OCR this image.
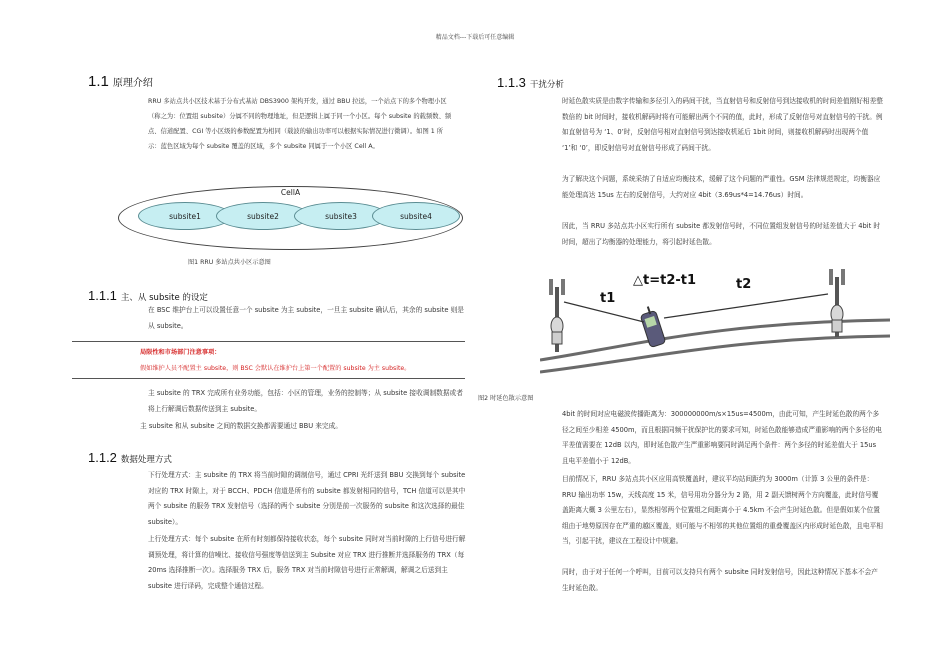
精品文档---下载后可任意编辑
1.1 原理介绍
RRU 多站点共小区技术基于分布式基站 DBS3900 架构开发，通过 BBU 拉远，一个站点下的多个物理小区（称之为：位置组 subsite）分属不同的物理地址，但是逻辑上属于同一个小区。每个 subsite 的载频数、频点、信道配置、CGI 等小区级的参数配置为相同（载波的输出功率可以根据实际情况进行微调）。如图 1 所示：蓝色区域为每个 subsite 覆盖的区域，多个 subsite 同属于一个小区 Cell A。
CellA
subsite1	subsite2	subsite3	subsite4
图1 RRU 多站点共小区示意图
1.1.1 主、从 subsite 的设定
在 BSC 维护台上可以设置任意一个 subsite 为主 subsite，一旦主 subsite 确认后，其余的 subsite 则是从 subsite。
局限性和市场部门注意事项：
假如维护人员不配置主 subsite，则 BSC 会默认在维护台上第一个配置的 subsite 为主 subsite。
主 subsite 的 TRX 完成所有业务功能，包括：小区的管理，业务的控制等；从 subsite 接收调制数据或者将上行解调后数据传送到主 subsite。
主 subsite 和从 subsite 之间的数据交换都需要通过 BBU 来完成。
1.1.2 数据处理方式
下行处理方式：主 subsite 的 TRX 将当前时隙的调制信号，通过 CPRI 光纤送到 BBU 交换到每个 subsite 对应的 TRX 时隙上，对于 BCCH、PDCH 信道是所有的 subsite 都发射相同的信号，TCH 信道可以是其中两个 subsite 的服务 TRX 发射信号（选择的两个 subsite 分别是前一次服务的 subsite 和这次选择的最佳 subsite）。
上行处理方式：每个 subsite 在所有时刻都保持接收状态，每个 subsite 同时对当前时隙的上行信号进行解调预处理，将计算的信噪比、接收信号强度等信送到主 Subsite 对应 TRX 进行推断并选择服务的 TRX（每 20ms 选择推断一次）。选择服务 TRX 后，服务 TRX 对当前时隙信号进行正常解调，解调之后送到主 subsite 进行译码，完成整个通信过程。
1.1.3 干扰分析
时延色散实质是由数字传输和多径引入的码间干扰，当直射信号和反射信号到达接收机的时间差值刚好相差整数倍的 bit 时间时，接收机解码时将有可能解出两个不同的值，此时，形成了反射信号对直射信号的干扰。例如直射信号为 ‘1、0’时，反射信号相对直射信号到达接收机延后 1bit 时间，则接收机解码时出现两个值 ‘1’和 ‘0’，即反射信号对直射信号形成了码间干扰。
为了解决这个问题，系统采纳了自适应均衡技术，缓解了这个问题的严重性。GSM 法律规范规定，均衡器应能处理高达 15us 左右的反射信号，大约对应 4bit（3.69us*4=14.76us）时间。
因此，当 RRU 多站点共小区实行所有 subsite 都发射信号时，不同位置组发射信号的时延差值大于 4bit 时时间，超出了均衡器的处理能力，将引起时延色散。
△t=t2-t1
t1
t2
图2 时延色散示意图
4bit 的时间对应电磁波传播距离为：300000000m/s×15us=4500m，由此可知，产生时延色散的两个多径之间至少相差 4500m，而且根据同频干扰保护比的要求可知，时延色散能够造成严重影响的两个多径的电平差值需要在 12dB 以内，即时延色散产生严重影响要同时满足两个条件：两个多径的时延差值大于 15us 且电平差值小于 12dB。
目前情况下，RRU 多站点共小区应用高铁覆盖时，建议平均站间距约为 3000m（计算 3 公里的条件是：RRU 输出功率 15w，天线高度 15 米，信号用功分器分为 2 路，用 2 副天馈树两个方向覆盖，此时信号覆盖距离大概 3 公里左右），显然相邻两个位置组之间距离小于 4.5km 不会产生时延色散。但是假如某个位置组由于地势原因存在严重的越区覆盖，则可能与不相邻的其他位置组的重叠覆盖区内形成时延色散，且电平相当，引起干扰，建议在工程设计中规避。
同时，由于对于任何一个呼叫，目前可以支持只有两个 subsite 同时发射信号，因此这种情况下基本不会产生时延色散。
